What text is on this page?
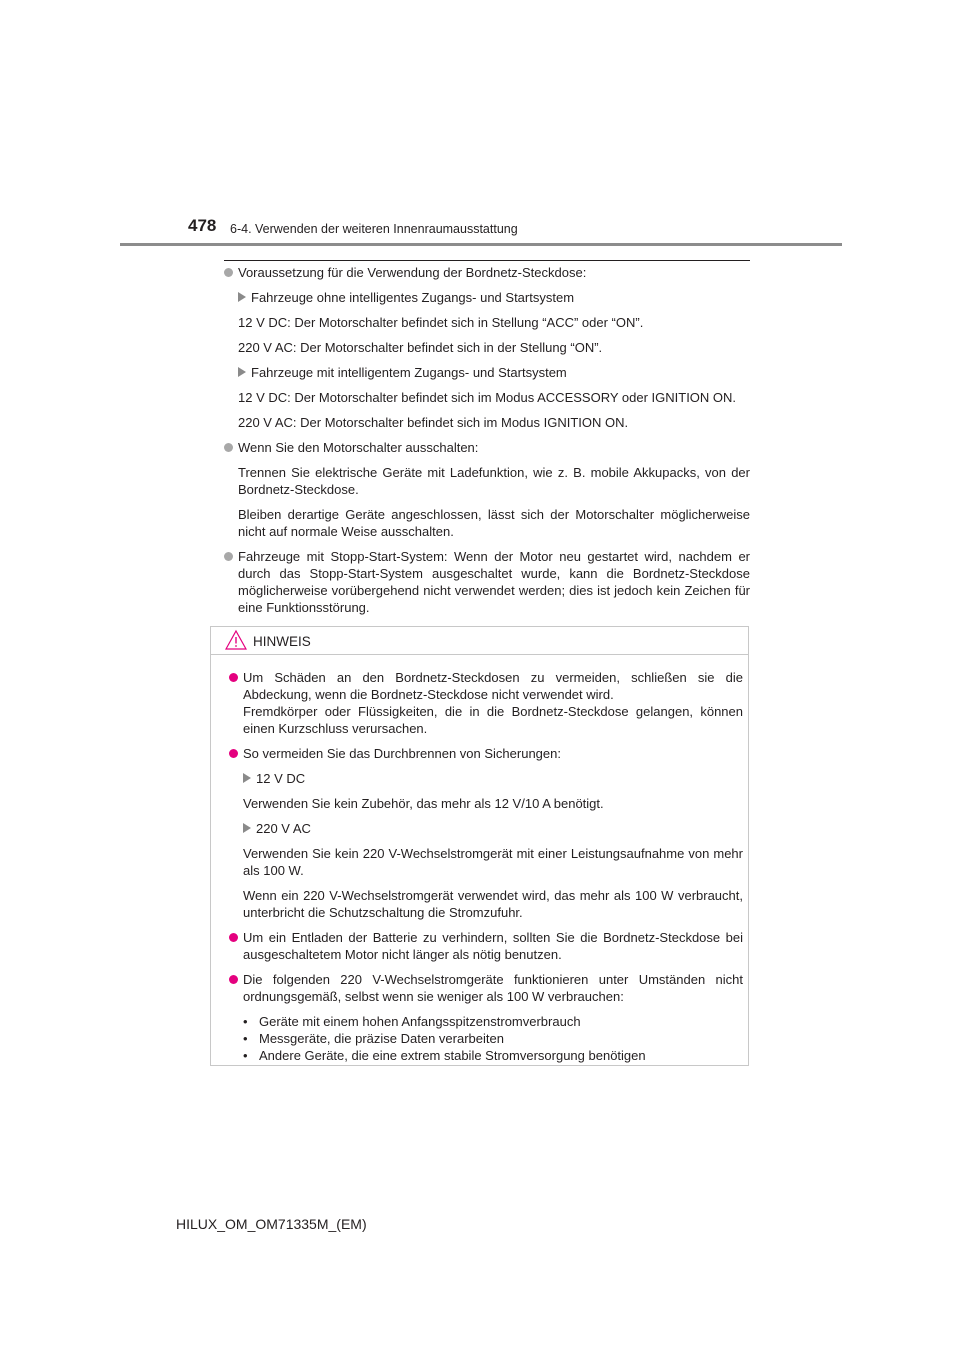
478 6-4. Verwenden der weiteren Innenraumausstattung
Voraussetzung für die Verwendung der Bordnetz-Steckdose:
Fahrzeuge ohne intelligentes Zugangs- und Startsystem
12 V DC: Der Motorschalter befindet sich in Stellung “ACC” oder “ON”.
220 V AC: Der Motorschalter befindet sich in der Stellung “ON”.
Fahrzeuge mit intelligentem Zugangs- und Startsystem
12 V DC: Der Motorschalter befindet sich im Modus ACCESSORY oder IGNITION ON.
220 V AC: Der Motorschalter befindet sich im Modus IGNITION ON.
Wenn Sie den Motorschalter ausschalten:
Trennen Sie elektrische Geräte mit Ladefunktion, wie z. B. mobile Akkupacks, von der Bordnetz-Steckdose.
Bleiben derartige Geräte angeschlossen, lässt sich der Motorschalter möglicherweise nicht auf normale Weise ausschalten.
Fahrzeuge mit Stopp-Start-System: Wenn der Motor neu gestartet wird, nachdem er durch das Stopp-Start-System ausgeschaltet wurde, kann die Bordnetz-Steckdose möglicherweise vorübergehend nicht verwendet werden; dies ist jedoch kein Zeichen für eine Funktionsstörung.
HINWEIS
Um Schäden an den Bordnetz-Steckdosen zu vermeiden, schließen sie die Abdeckung, wenn die Bordnetz-Steckdose nicht verwendet wird.
Fremdkörper oder Flüssigkeiten, die in die Bordnetz-Steckdose gelangen, können einen Kurzschluss verursachen.
So vermeiden Sie das Durchbrennen von Sicherungen:
12 V DC
Verwenden Sie kein Zubehör, das mehr als 12 V/10 A benötigt.
220 V AC
Verwenden Sie kein 220 V-Wechselstromgerät mit einer Leistungsaufnahme von mehr als 100 W.
Wenn ein 220 V-Wechselstromgerät verwendet wird, das mehr als 100 W verbraucht, unterbricht die Schutzschaltung die Stromzufuhr.
Um ein Entladen der Batterie zu verhindern, sollten Sie die Bordnetz-Steckdose bei ausgeschaltetem Motor nicht länger als nötig benutzen.
Die folgenden 220 V-Wechselstromgeräte funktionieren unter Umständen nicht ordnungsgemäß, selbst wenn sie weniger als 100 W verbrauchen:
• Geräte mit einem hohen Anfangsspitzenstromverbrauch
• Messgeräte, die präzise Daten verarbeiten
• Andere Geräte, die eine extrem stabile Stromversorgung benötigen
HILUX_OM_OM71335M_(EM)
